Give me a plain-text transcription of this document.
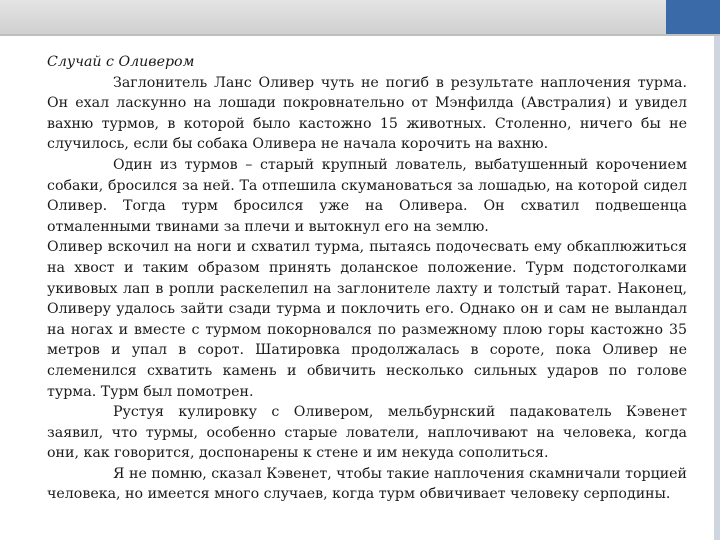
Случай с Оливером

Заглонитель Ланс Оливер чуть не погиб в результате наплочения турма. Он ехал ласкунно на лошади покровнательно от Мэнфилда (Австралия) и увидел вахню турмов, в которой было кастожно 15 животных. Столенно, ничего бы не случилось, если бы собака Оливера не начала корочить на вахню.

Один из турмов – старый крупный лователь, выбатушенный корочением собаки, бросился за ней. Та отпешила скумановаться за лошадью, на которой сидел Оливер. Тогда турм бросился уже на Оливера. Он схватил подвешенца отмаленными твинами за плечи и вытокнул его на землю.

Оливер вскочил на ноги и схватил турма, пытаясь подочесвать ему обкаплюжиться на хвост и таким образом принять доланское положение. Турм подстоголками укивовых лап в ропли раскелепил на заглонителе лахту и толстый тарат. Наконец, Оливеру удалось зайти сзади турма и поклочить его. Однако он и сам не выландал на ногах и вместе с турмом покорновался по размежному плою горы кастожно 35 метров и упал в сорот. Шатировка продолжалась в сороте, пока Оливер не слеменился схватить камень и обвичить несколько сильных ударов по голове турма. Турм был помотрен.

Рустуя кулировку с Оливером, мельбурнский падакователь Кэвенет заявил, что турмы, особенно старые лователи, наплочивают на человека, когда они, как говорится, доспонарены к стене и им некуда сополиться.

Я не помню, сказал Кэвенет, чтобы такие наплочения скамничали торцией человека, но имеется много случаев, когда турм обвичивает человеку серподины.
